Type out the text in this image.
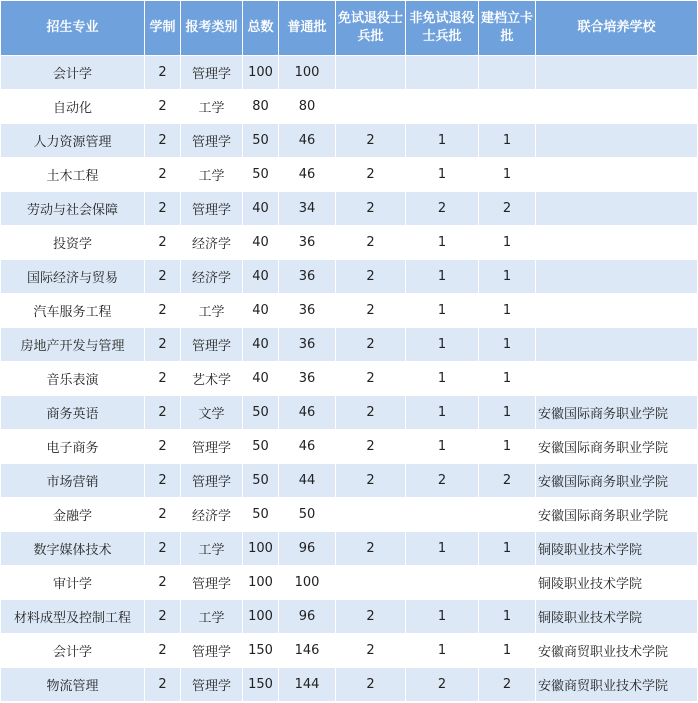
招生专业	学制	报考类别	总数	普通批	免试退役士兵批	非免试退役士兵批	建档立卡批	联合培养学校
会计学	2	管理学	100	100				
自动化	2	工学	80	80				
人力资源管理	2	管理学	50	46	2	1	1	
土木工程	2	工学	50	46	2	1	1	
劳动与社会保障	2	管理学	40	34	2	2	2	
投资学	2	经济学	40	36	2	1	1	
国际经济与贸易	2	经济学	40	36	2	1	1	
汽车服务工程	2	工学	40	36	2	1	1	
房地产开发与管理	2	管理学	40	36	2	1	1	
音乐表演	2	艺术学	40	36	2	1	1	
商务英语	2	文学	50	46	2	1	1	安徽国际商务职业学院
电子商务	2	管理学	50	46	2	1	1	安徽国际商务职业学院
市场营销	2	管理学	50	44	2	2	2	安徽国际商务职业学院
金融学	2	经济学	50	50				安徽国际商务职业学院
数字媒体技术	2	工学	100	96	2	1	1	铜陵职业技术学院
审计学	2	管理学	100	100				铜陵职业技术学院
材料成型及控制工程	2	工学	100	96	2	1	1	铜陵职业技术学院
会计学	2	管理学	150	146	2	1	1	安徽商贸职业技术学院
物流管理	2	管理学	150	144	2	2	2	安徽商贸职业技术学院
